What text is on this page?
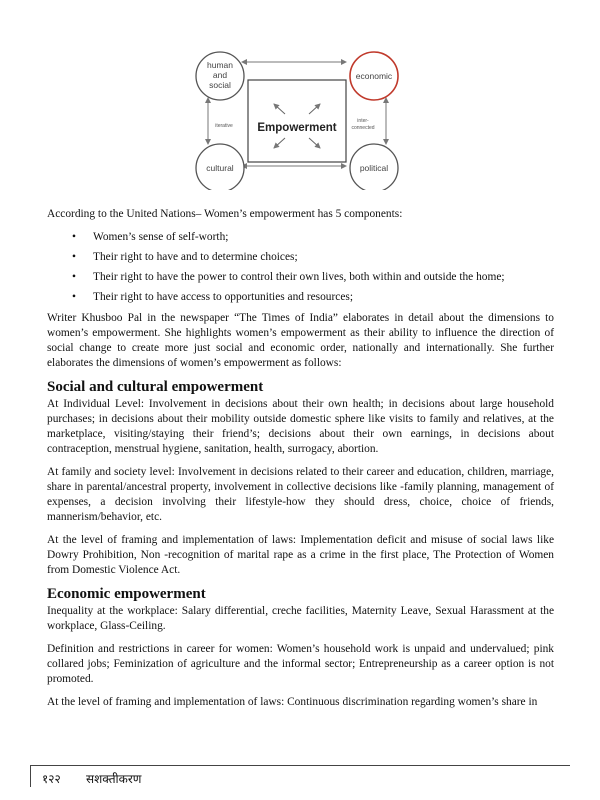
Empowerment
human
and
social
economic
cultural	political
iterative
inter-
connected

According to the United Nations– Women’s empowerment has 5 components:

• Women’s sense of self-worth;
• Their right to have and to determine choices;
• Their right to have the power to control their own lives, both within and outside the home;
• Their right to have access to opportunities and resources;

Writer Khusboo Pal in the newspaper “The Times of India” elaborates in detail about the dimensions to women’s empowerment. She highlights women’s empowerment as their ability to influence the direction of social change to create more just social and economic order, nationally and internationally. She further elaborates the dimensions of women’s empowerment as follows:

Social and cultural empowerment

At Individual Level: Involvement in decisions about their own health; in decisions about large household purchases; in decisions about their mobility outside domestic sphere like visits to family and relatives, at the marketplace, visiting/staying their friend’s; decisions about their own earnings, in decisions about contraception, menstrual hygiene, sanitation, health, surrogacy, abortion.

At family and society level: Involvement in decisions related to their career and education, children, marriage, share in parental/ancestral property, involvement in collective decisions like -family planning, management of expenses, a decision involving their lifestyle-how they should dress, choice, choice of friends, mannerism/behavior, etc.

At the level of framing and implementation of laws: Implementation deficit and misuse of social laws like Dowry Prohibition, Non -recognition of marital rape as a crime in the first place, The Protection of Women from Domestic Violence Act.

Economic empowerment

Inequality at the workplace: Salary differential, creche facilities, Maternity Leave, Sexual Harassment at the workplace, Glass-Ceiling.

Definition and restrictions in career for women: Women’s household work is unpaid and undervalued; pink collared jobs; Feminization of agriculture and the informal sector; Entrepreneurship as a career option is not promoted.

At the level of framing and implementation of laws: Continuous discrimination regarding women’s share in

१२२ सशक्तीकरण
